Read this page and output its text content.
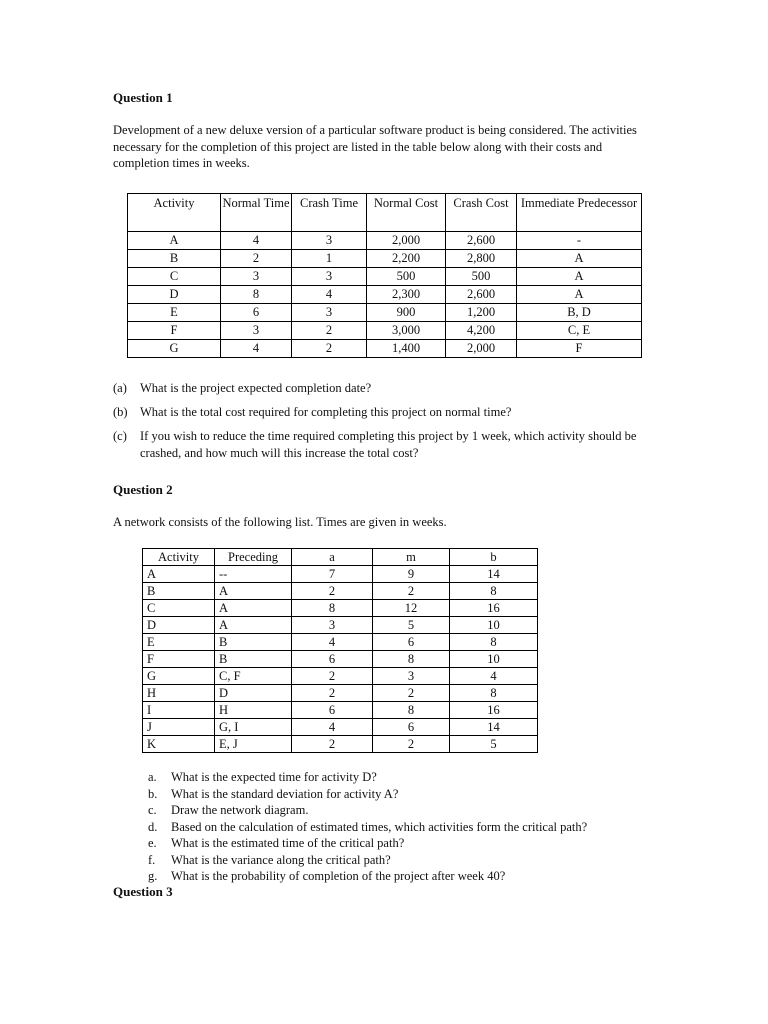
Question 1
Development of a new deluxe version of a particular software product is being considered. The activities necessary for the completion of this project are listed in the table below along with their costs and completion times in weeks.
Activity	Normal Time	Crash Time	Normal Cost	Crash Cost	Immediate Predecessor
A	4	3	2,000	2,600	-
B	2	1	2,200	2,800	A
C	3	3	500	500	A
D	8	4	2,300	2,600	A
E	6	3	900	1,200	B, D
F	3	2	3,000	4,200	C, E
G	4	2	1,400	2,000	F
(a) What is the project expected completion date?
(b) What is the total cost required for completing this project on normal time?
(c) If you wish to reduce the time required completing this project by 1 week, which activity should be crashed, and how much will this increase the total cost?
Question 2
A network consists of the following list. Times are given in weeks.
Activity	Preceding	a	m	b
A	--	7	9	14
B	A	2	2	8
C	A	8	12	16
D	A	3	5	10
E	B	4	6	8
F	B	6	8	10
G	C, F	2	3	4
H	D	2	2	8
I	H	6	8	16
J	G, I	4	6	14
K	E, J	2	2	5
a. What is the expected time for activity D?
b. What is the standard deviation for activity A?
c. Draw the network diagram.
d. Based on the calculation of estimated times, which activities form the critical path?
e. What is the estimated time of the critical path?
f. What is the variance along the critical path?
g. What is the probability of completion of the project after week 40?
Question 3
